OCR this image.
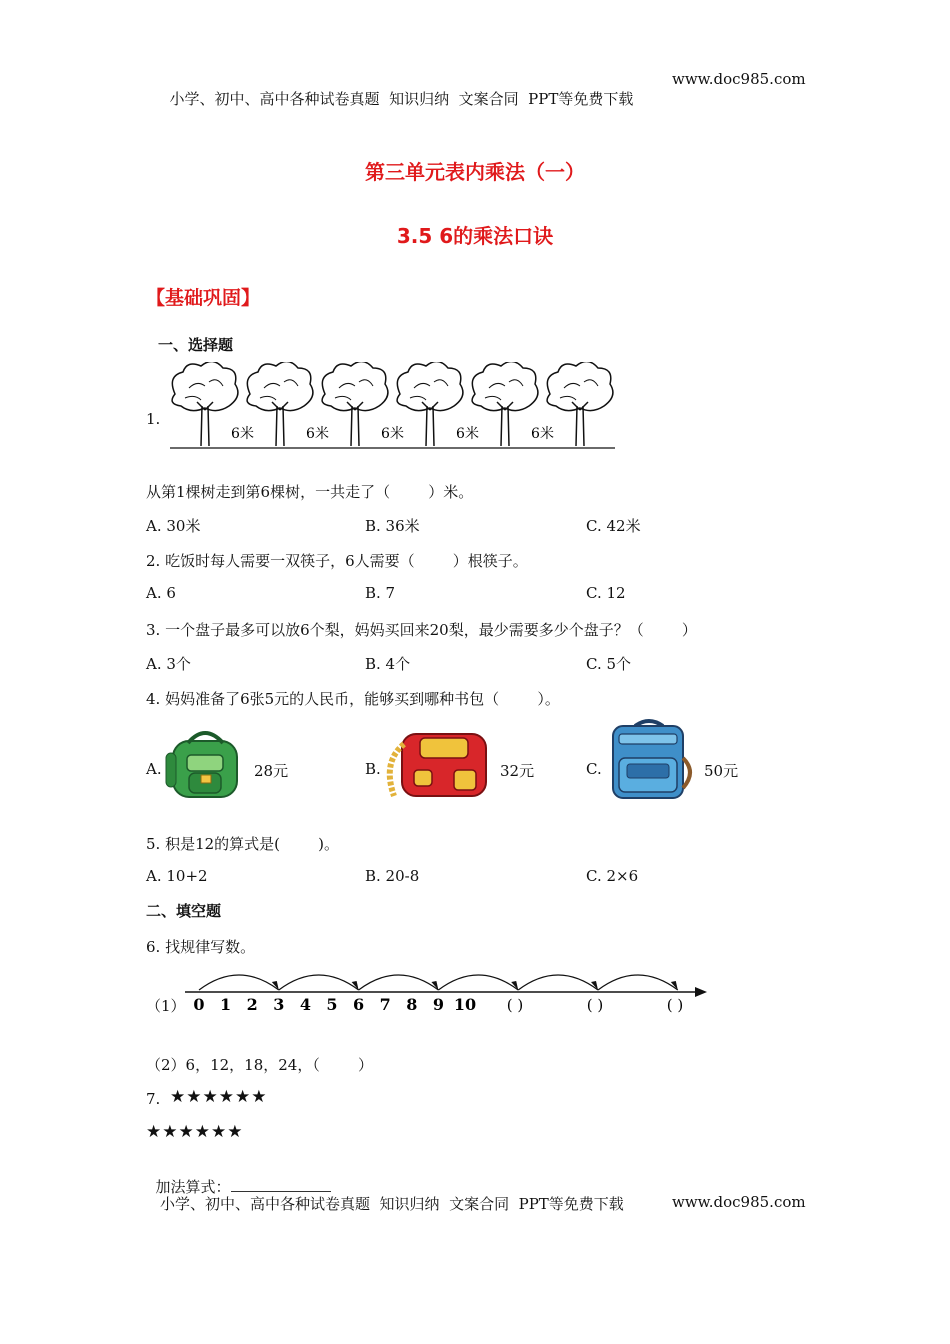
小学、初中、高中各种试卷真题  知识归纳  文案合同  PPT等免费下载

www.doc985.com
第三单元表内乘法（一）
3.5 6的乘法口诀
【基础巩固】
一、选择题
1.
6米	6米	6米	6米	6米
从第1棵树走到第6棵树，一共走了（        ）米。
A. 30米	B. 36米	C. 42米
2. 吃饭时每人需要一双筷子，6人需要（        ）根筷子。
A. 6	B. 7	C. 12
3. 一个盘子最多可以放6个梨，妈妈买回来20梨，最少需要多少个盘子？（        ）
A. 3个	B. 4个	C. 5个
4. 妈妈准备了6张5元的人民币，能够买到哪种书包（        ）。
A.	28元	B.	32元	C.	50元
5. 积是12的算式是(        )。
A. 10+2	B. 20-8	C. 2×6
二、填空题
6. 找规律写数。
（1） 0 1 2 3 4 5 6 7 8 9 10 ( )	( )	( )
（2）6，12，18，24，（        ）
7. ★★★★★★
★★★★★★

加法算式：

小学、初中、高中各种试卷真题  知识归纳  文案合同  PPT等免费下载	www.doc985.com
